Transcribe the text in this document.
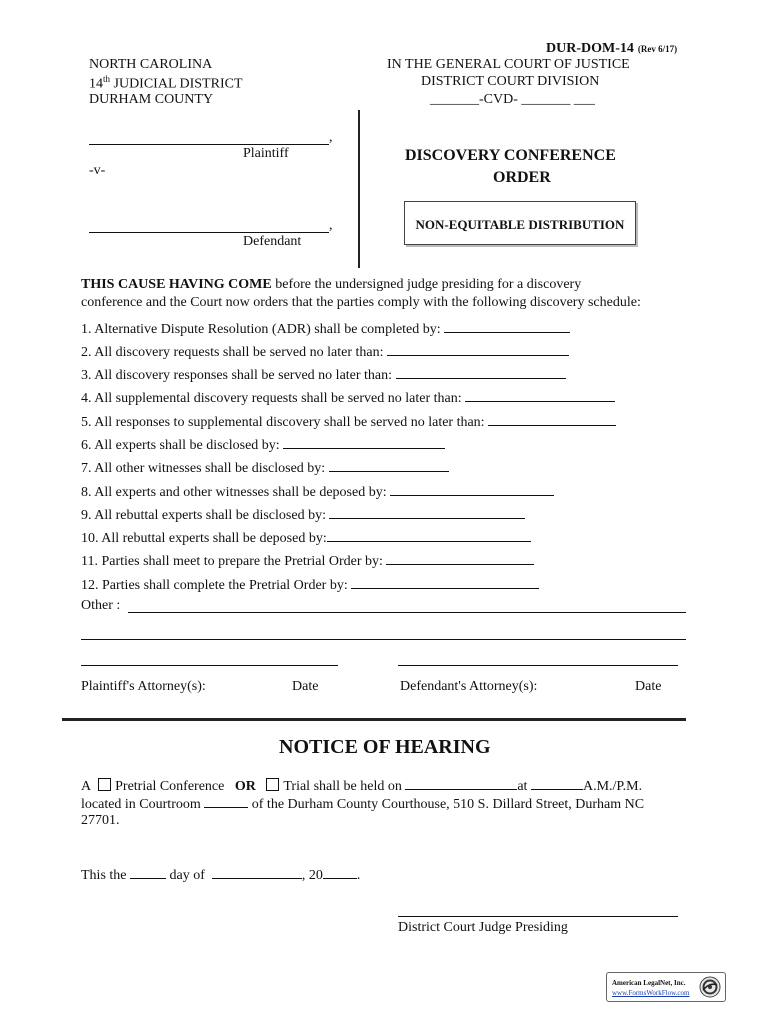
DUR-DOM-14 (Rev 6/17)
NORTH CAROLINA
14th JUDICIAL DISTRICT
DURHAM COUNTY
IN THE GENERAL COURT OF JUSTICE
DISTRICT COURT DIVISION
_______-CVD- _______ ___
,
Plaintiff
-v-
,
Defendant
DISCOVERY CONFERENCE
ORDER
NON-EQUITABLE DISTRIBUTION
THIS CAUSE HAVING COME before the undersigned judge presiding for a discovery
conference and the Court now orders that the parties comply with the following discovery schedule:
1. Alternative Dispute Resolution (ADR) shall be completed by:
2. All discovery requests shall be served no later than:
3. All discovery responses shall be served no later than:
4. All supplemental discovery requests shall be served no later than:
5. All responses to supplemental discovery shall be served no later than:
6. All experts shall be disclosed by:
7. All other witnesses shall be disclosed by:
8. All experts and other witnesses shall be deposed by:
9. All rebuttal experts shall be disclosed by:
10. All rebuttal experts shall be deposed by:
11. Parties shall meet to prepare the Pretrial Order by:
12. Parties shall complete the Pretrial Order by:
Other :
Plaintiff's Attorney(s):	Date	Defendant's Attorney(s):	Date
NOTICE OF HEARING
A Pretrial Conference OR Trial shall be held on	at	A.M./P.M.
located in Courtroom	of the Durham County Courthouse, 510 S. Dillard Street, Durham NC
27701.
This the	day of	, 20 .
District Court Judge Presiding
American LegalNet, Inc.
www.FormsWorkFlow.com
